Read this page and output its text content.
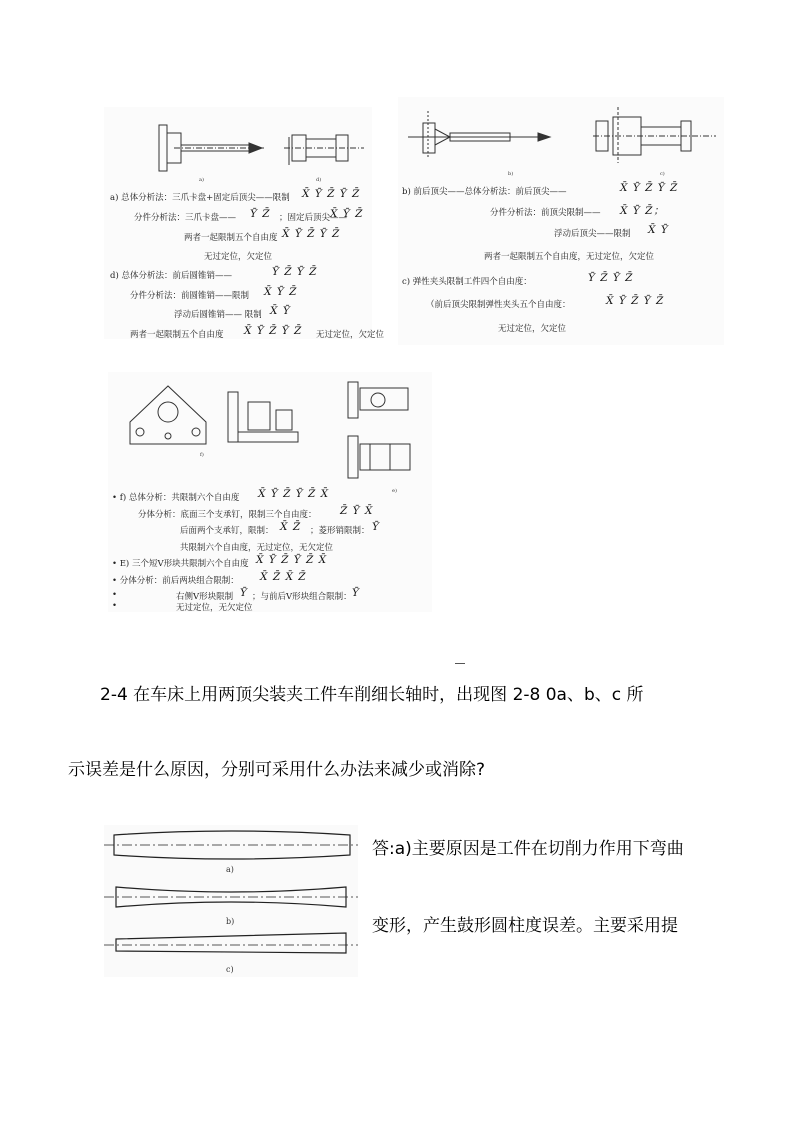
a)	d)
a) 总体分析法：三爪卡盘+固定后顶尖——限制 X̄ Ȳ Z̄ Ȳ Z̄
分件分析法：三爪卡盘—— Ȳ Z̄ ；固定后顶尖——
X̄ Ȳ Z̄
两者一起限制五个自由度 X̄ Ȳ Z̄ Ȳ Z̄
无过定位，欠定位
d) 总体分析法：前后圆锥销——	Ȳ Z̄ Ȳ Z̄
分件分析法：前圆锥销——限制 X̄ Ȳ Z̄
浮动后圆锥销—— 限制 X̄ Ȳ
两者一起限制五个自由度 X̄ Ȳ Z̄ Ȳ Z̄ 无过定位，欠定位
b)	c)
b) 前后顶尖——总体分析法：前后顶尖——	X̄ Ȳ Z̄ Ȳ Z̄
分件分析法：前顶尖限制—— X̄ Ȳ Z̄；
浮动后顶尖——限制 X̄ Ȳ
两者一起限制五个自由度，无过定位，欠定位
c) 弹性夹头限制工件四个自由度：	Ȳ Z̄ Ȳ Z̄
（前后顶尖限制弹性夹头五个自由度：	X̄ Ȳ Z̄ Ȳ Z̄
无过定位，欠定位
f)
e)
• f) 总体分析：共限制六个自由度 X̄ Ȳ Z̄ Ȳ Z̄ X̄
分体分析：底面三个支承钉，限制三个自由度： Z̄ Ȳ X̄
后面两个支承钉，限制： X̄ Z̄ ；菱形销限制： Ȳ
共限制六个自由度，无过定位，无欠定位
• E) 三个短V形块共限制六个自由度 X̄ Ȳ Z̄ Ȳ Z̄ X̄
• 分体分析：前后两块组合限制： X̄ Z̄ X̄ Z̄
•	右侧V形块限制 Ȳ ；与前后V形块组合限制： Ȳ
•	无过定位，无欠定位
2-4 在车床上用两顶尖装夹工件车削细长轴时，出现图 2-8 0a、b、c 所
示误差是什么原因，分别可采用什么办法来减少或消除?
a)
b)
c)
答:a)主要原因是工件在切削力作用下弯曲
变形，产生鼓形圆柱度误差。主要采用提
